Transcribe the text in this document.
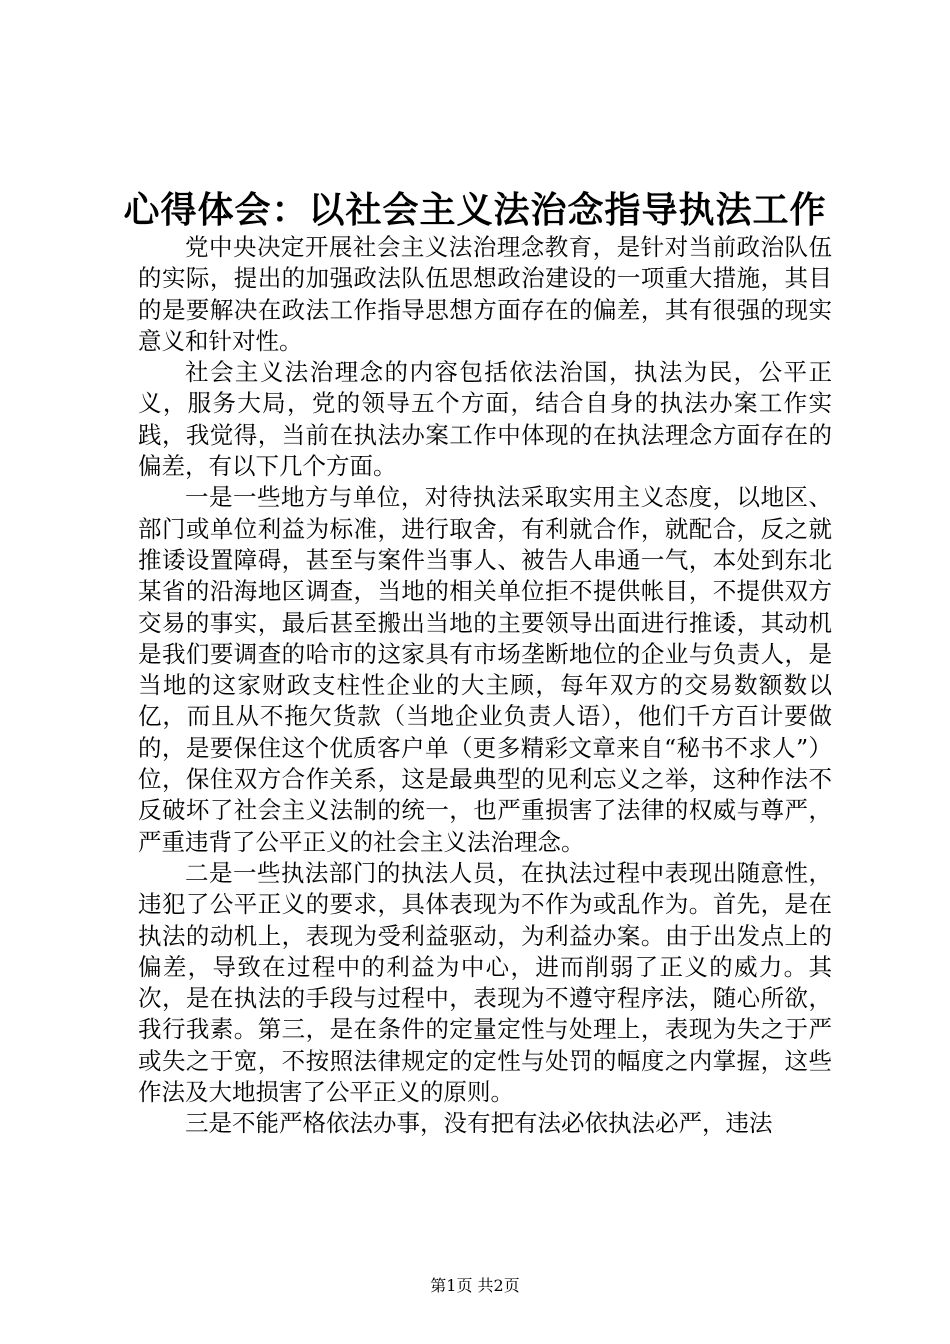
心得体会：以社会主义法治念指导执法工作

党中央决定开展社会主义法治理念教育，是针对当前政治队伍的实际，提出的加强政法队伍思想政治建设的一项重大措施，其目的是要解决在政法工作指导思想方面存在的偏差，其有很强的现实意义和针对性。

社会主义法治理念的内容包括依法治国，执法为民，公平正义，服务大局，党的领导五个方面，结合自身的执法办案工作实践，我觉得，当前在执法办案工作中体现的在执法理念方面存在的偏差，有以下几个方面。

一是一些地方与单位，对待执法采取实用主义态度，以地区、部门或单位利益为标准，进行取舍，有利就合作，就配合，反之就推诿设置障碍，甚至与案件当事人、被告人串通一气，本处到东北某省的沿海地区调查，当地的相关单位拒不提供帐目，不提供双方交易的事实，最后甚至搬出当地的主要领导出面进行推诿，其动机是我们要调查的哈市的这家具有市场垄断地位的企业与负责人，是当地的这家财政支柱性企业的大主顾，每年双方的交易数额数以亿，而且从不拖欠货款（当地企业负责人语），他们千方百计要做的，是要保住这个优质客户单（更多精彩文章来自“秘书不求人”）位，保住双方合作关系，这是最典型的见利忘义之举，这种作法不反破坏了社会主义法制的统一，也严重损害了法律的权威与尊严，严重违背了公平正义的社会主义法治理念。

二是一些执法部门的执法人员，在执法过程中表现出随意性，违犯了公平正义的要求，具体表现为不作为或乱作为。首先，是在执法的动机上，表现为受利益驱动，为利益办案。由于出发点上的偏差，导致在过程中的利益为中心，进而削弱了正义的威力。其次，是在执法的手段与过程中，表现为不遵守程序法，随心所欲，我行我素。第三，是在条件的定量定性与处理上，表现为失之于严或失之于宽，不按照法律规定的定性与处罚的幅度之内掌握，这些作法及大地损害了公平正义的原则。

三是不能严格依法办事，没有把有法必依执法必严，违法

第1页 共2页
